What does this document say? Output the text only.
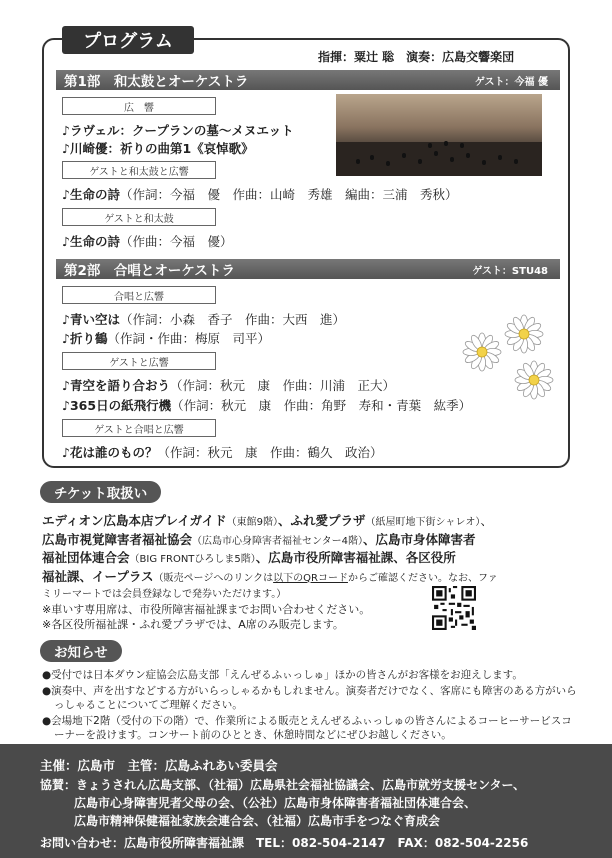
プログラム
指揮：粟辻 聡　演奏：広島交響楽団
第1部　和太鼓とオーケストラ	ゲスト：今福 優
広　響
♪ラヴェル：クープランの墓～メヌエット
♪川崎優：祈りの曲第1《哀悼歌》
ゲストと和太鼓と広響
♪生命の詩（作詞：今福　優　作曲：山崎　秀雄　編曲：三浦　秀秋）
ゲストと和太鼓
♪生命の詩（作曲：今福　優）
第2部　合唱とオーケストラ	ゲスト：STU48
合唱と広響
♪青い空は（作詞：小森　香子　作曲：大西　進）
♪折り鶴（作詞・作曲：梅原　司平）
ゲストと広響
♪青空を語り合おう（作詞：秋元　康　作曲：川浦　正大）
♪365日の紙飛行機（作詞：秋元　康　作曲：角野　寿和・青葉　紘季）
ゲストと合唱と広響
♪花は誰のもの？（作詞：秋元　康　作曲：鶴久　政治）
チケット取扱い
エディオン広島本店プレイガイド（東館9階）、ふれ愛プラザ（紙屋町地下街シャレオ）、
広島市視覚障害者福祉協会（広島市心身障害者福祉センター4階）、広島市身体障害者
福祉団体連合会（BIG FRONTひろしま5階）、広島市役所障害福祉課、各区役所
福祉課、イープラス（販売ページへのリンクは以下のQRコードからご確認ください。なお、ファ
ミリーマートでは会員登録なしで発券いただけます。）
※車いす専用席は、市役所障害福祉課までお問い合わせください。
※各区役所福祉課・ふれ愛プラザでは、A席のみ販売します。
お知らせ
●受付では日本ダウン症協会広島支部「えんぜるふぃっしゅ」ほかの皆さんがお客様をお迎えします。
●演奏中、声を出すなどする方がいらっしゃるかもしれません。演奏者だけでなく、客席にも障害のある方がいらっしゃることについてご理解ください。
●会場地下2階（受付の下の階）で、作業所による販売とえんぜるふぃっしゅの皆さんによるコーヒーサービスコーナーを設けます。コンサート前のひととき、休憩時間などにぜひお越しください。
主催：広島市　主管：広島ふれあい委員会
協賛：きょうされん広島支部、（社福）広島県社会福祉協議会、広島市就労支援センター、
広島市心身障害児者父母の会、（公社）広島市身体障害者福祉団体連合会、
広島市精神保健福祉家族会連合会、（社福）広島市手をつなぐ育成会
お問い合わせ：広島市役所障害福祉課　TEL：082-504-2147　FAX：082-504-2256
